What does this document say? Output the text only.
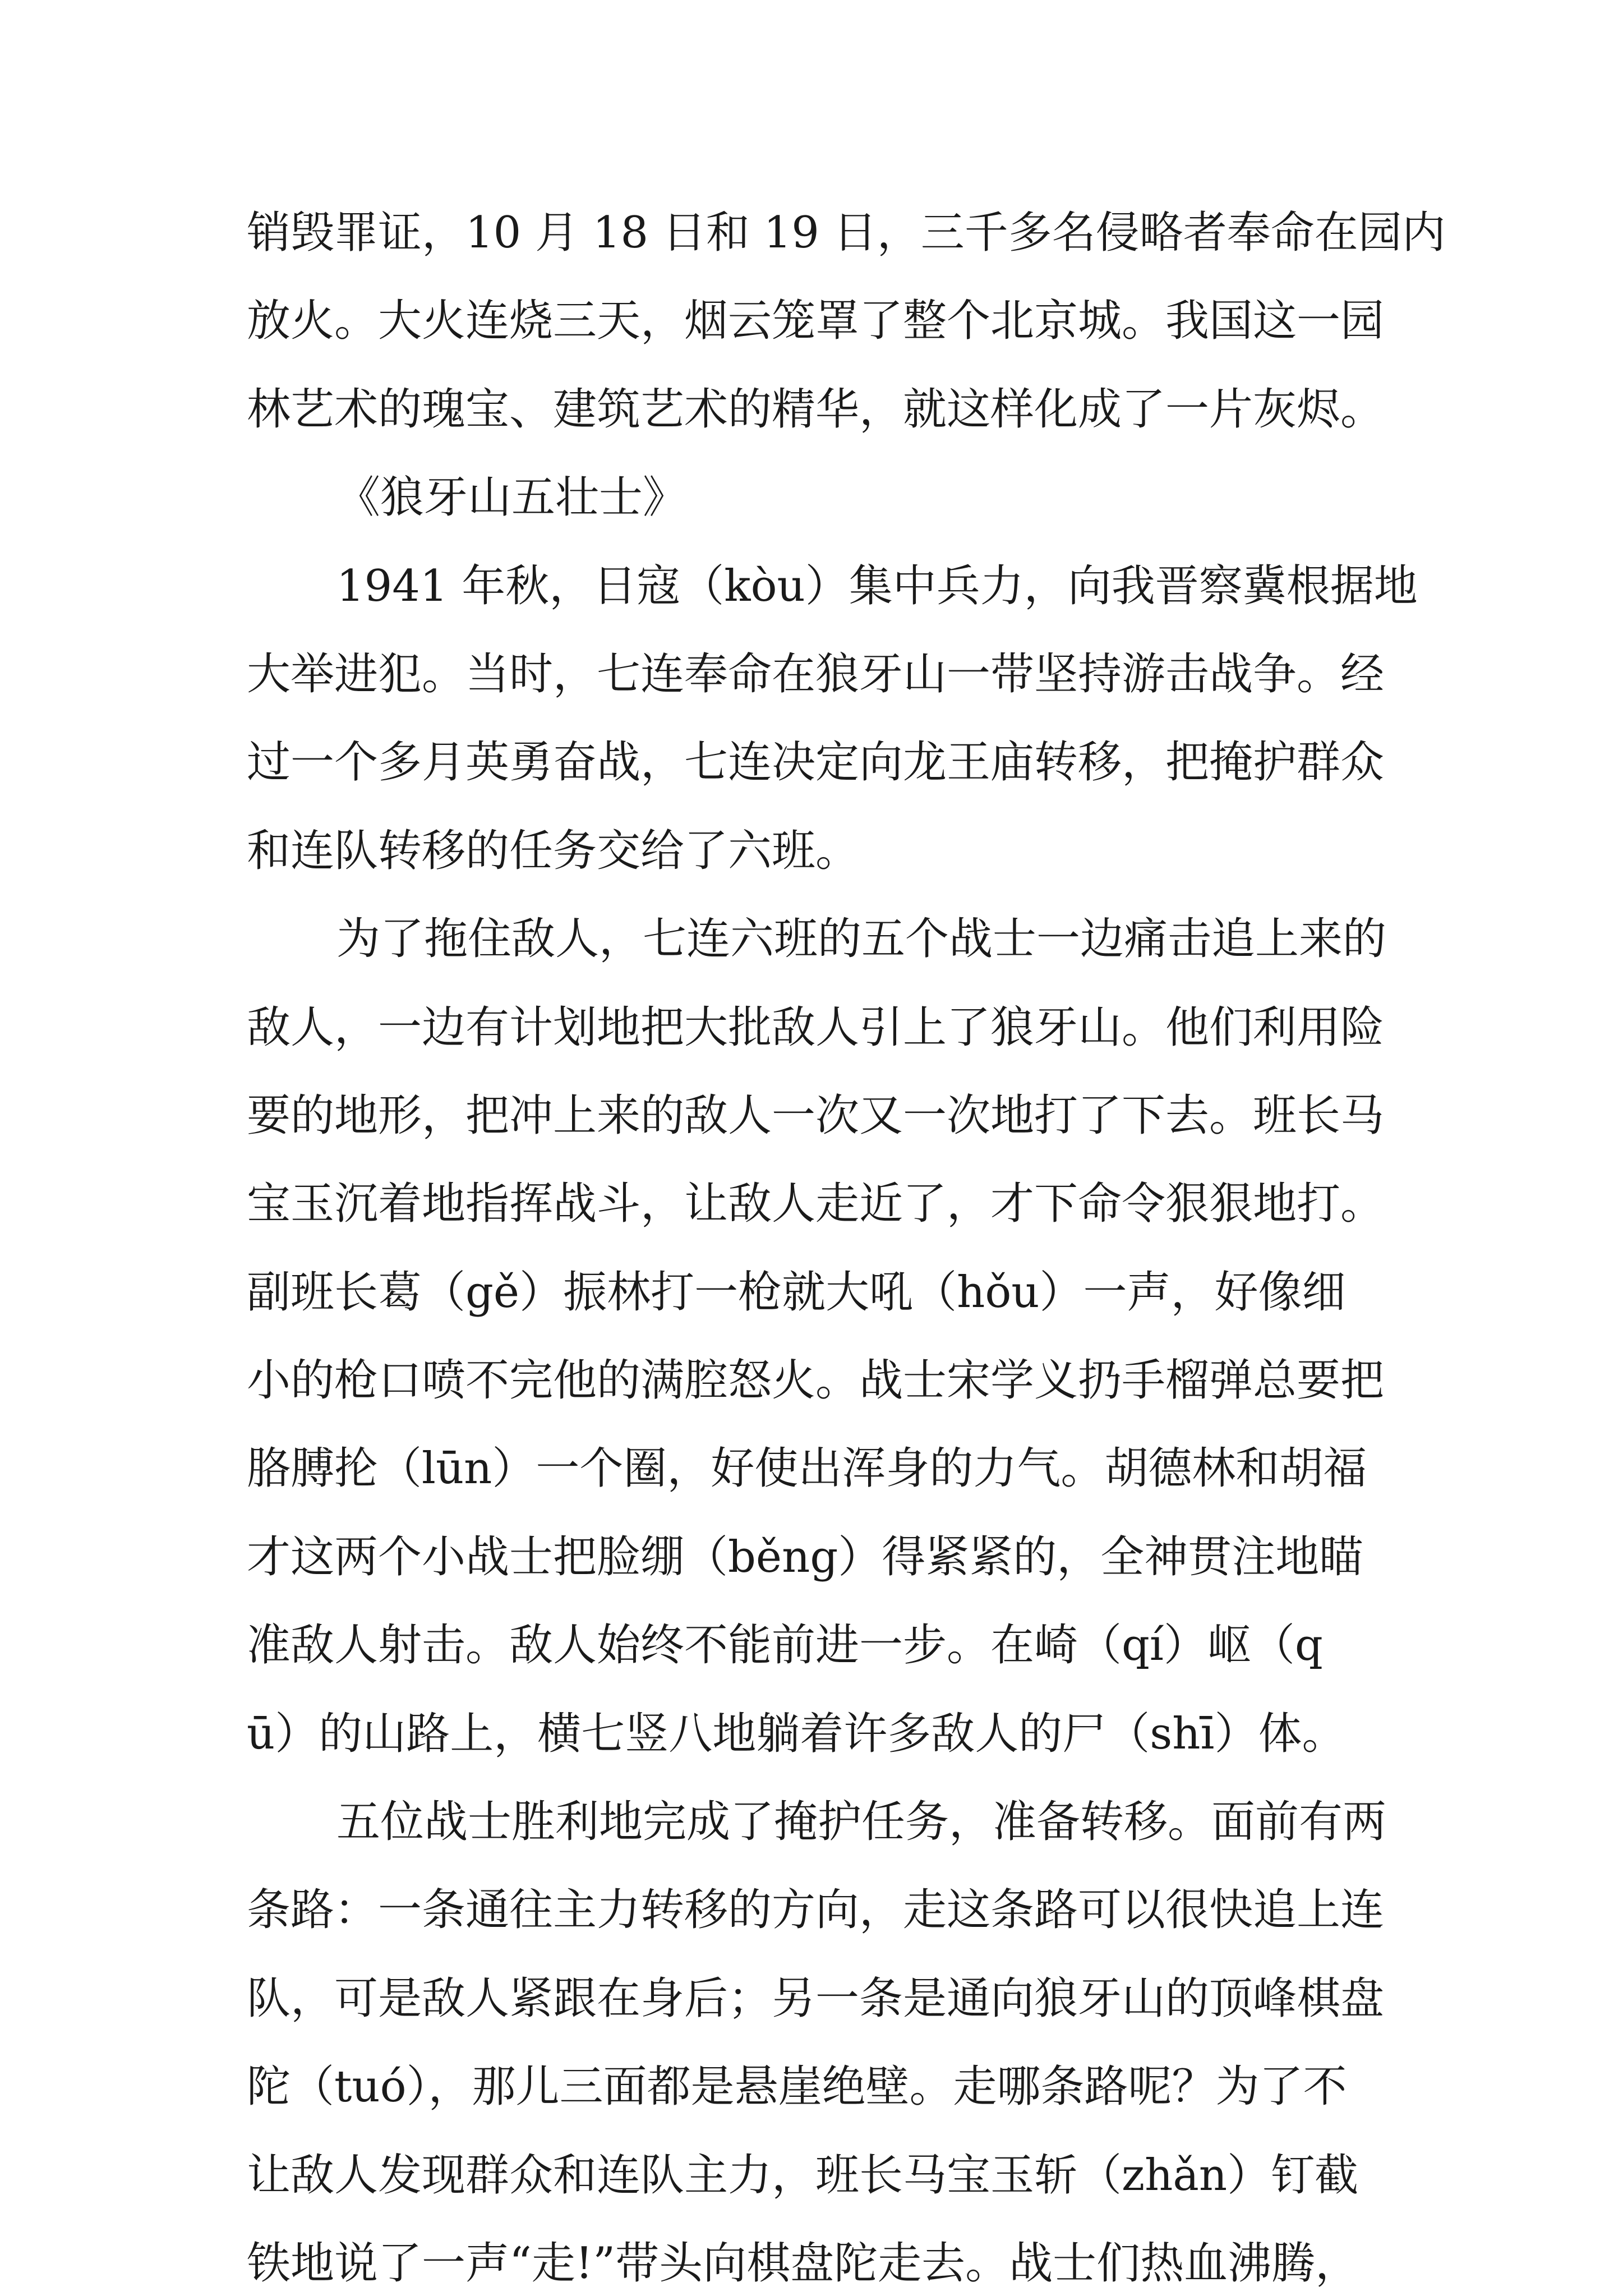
销毁罪证，10 月 18 日和 19 日，三千多名侵略者奉命在园内
放火。大火连烧三天，烟云笼罩了整个北京城。我国这一园
林艺术的瑰宝、建筑艺术的精华，就这样化成了一片灰烬。
《狼牙山五壮士》
1941 年秋，日寇（kòu）集中兵力，向我晋察冀根据地
大举进犯。当时，七连奉命在狼牙山一带坚持游击战争。经
过一个多月英勇奋战，七连决定向龙王庙转移，把掩护群众
和连队转移的任务交给了六班。
为了拖住敌人，七连六班的五个战士一边痛击追上来的
敌人，一边有计划地把大批敌人引上了狼牙山。他们利用险
要的地形，把冲上来的敌人一次又一次地打了下去。班长马
宝玉沉着地指挥战斗，让敌人走近了，才下命令狠狠地打。
副班长葛（gě）振林打一枪就大吼（hǒu）一声，好像细
小的枪口喷不完他的满腔怒火。战士宋学义扔手榴弹总要把
胳膊抡（lūn）一个圈，好使出浑身的力气。胡德林和胡福
才这两个小战士把脸绷（běng）得紧紧的，全神贯注地瞄
准敌人射击。敌人始终不能前进一步。在崎（qí）岖（q
ū）的山路上，横七竖八地躺着许多敌人的尸（shī）体。
五位战士胜利地完成了掩护任务，准备转移。面前有两
条路：一条通往主力转移的方向，走这条路可以很快追上连
队，可是敌人紧跟在身后；另一条是通向狼牙山的顶峰棋盘
陀（tuó），那儿三面都是悬崖绝壁。走哪条路呢？为了不
让敌人发现群众和连队主力，班长马宝玉斩（zhǎn）钉截
铁地说了一声“走!”带头向棋盘陀走去。战士们热血沸腾，
